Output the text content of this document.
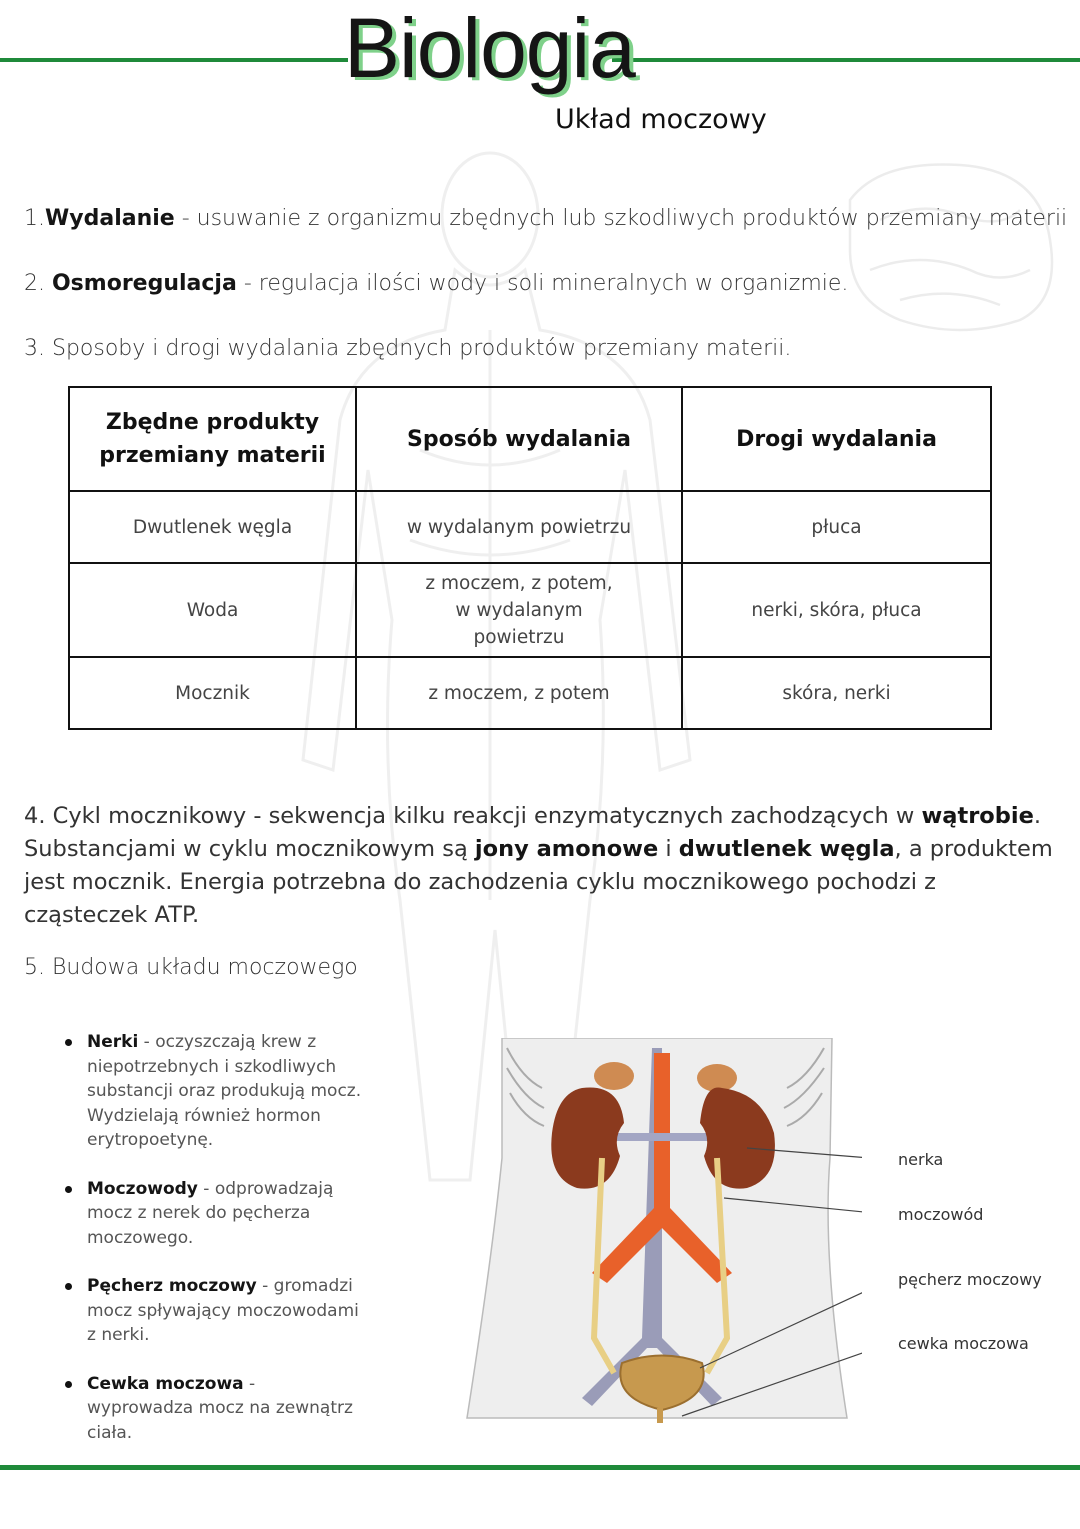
Biologia
Układ moczowy
1.Wydalanie - usuwanie z organizmu zbędnych lub szkodliwych produktów przemiany materii
2. Osmoregulacja - regulacja ilości wody i soli mineralnych w organizmie.
3. Sposoby i drogi wydalania zbędnych produktów przemiany materii.
Zbędne produkty przemiany materii	Sposób wydalania	Drogi wydalania
Dwutlenek węgla	w wydalanym powietrzu	płuca
Woda	z moczem, z potem, w wydalanym powietrzu	nerki, skóra, płuca
Mocznik	z moczem, z potem	skóra, nerki
4. Cykl mocznikowy - sekwencja kilku reakcji enzymatycznych zachodzących w wątrobie. Substancjami w cyklu mocznikowym są jony amonowe i dwutlenek węgla, a produktem jest mocznik. Energia potrzebna do zachodzenia cyklu mocznikowego pochodzi z cząsteczek ATP.
5. Budowa układu moczowego
Nerki - oczyszczają krew z niepotrzebnych i szkodliwych substancji oraz produkują mocz. Wydzielają również hormon erytropoetynę.
Moczowody - odprowadzają mocz z nerek do pęcherza moczowego.
Pęcherz moczowy - gromadzi mocz spływający moczowodami z nerki.
Cewka moczowa - wyprowadza mocz na zewnątrz ciała.
nerka
moczowód
pęcherz moczowy
cewka moczowa
